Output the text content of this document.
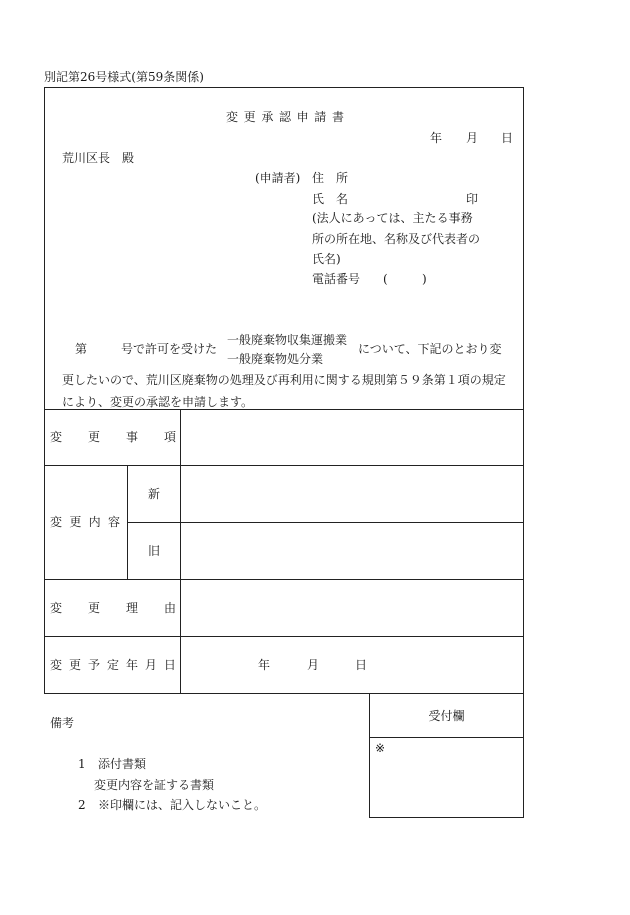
別記第26号様式(第59条関係)
変 更 承 認 申 請 書
年 月 日
荒川区長　殿
(申請者) 住　所
氏　名	印
(法人にあっては、主たる事務
所の所在地、名称及び代表者の
氏名)
電話番号 (	)
第	号で許可を受けた
一般廃棄物収集運搬業
一般廃棄物処分業
について、下記のとおり変
更したいので、荒川区廃棄物の処理及び再利用に関する規則第５９条第１項の規定
により、変更の承認を申請します。
変 更 事 項
変 更 内 容
新
旧
変 更 理 由
変 更 予 定 年 月 日	年	月	日
備考
1 添付書類
変更内容を証する書類
2 ※印欄には、記入しないこと。
受付欄
※
